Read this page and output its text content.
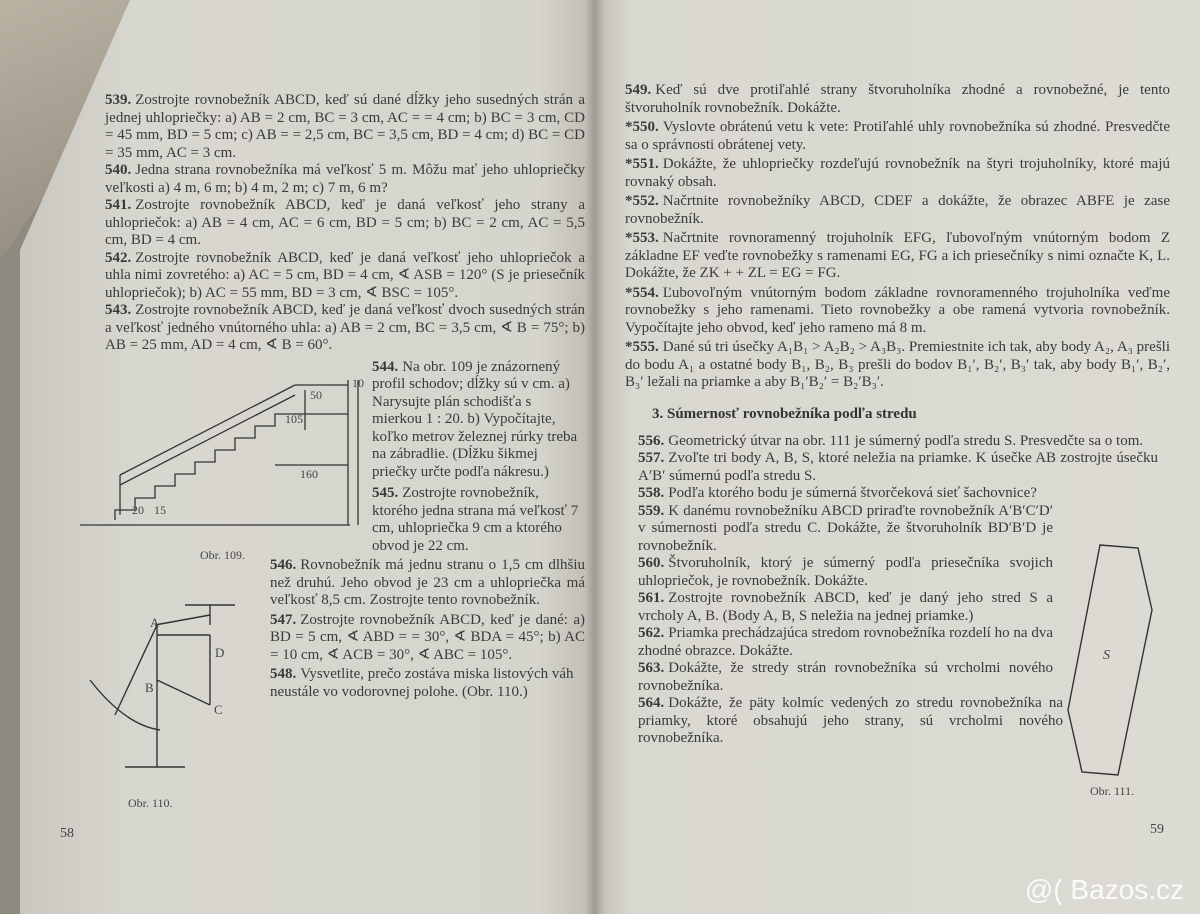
539. Zostrojte rovnobežník ABCD, keď sú dané dĺžky jeho susedných strán a jednej uhlopriečky: a) AB = 2 cm, BC = 3 cm, AC = = 4 cm; b) BC = 3 cm, CD = 45 mm, BD = 5 cm; c) AB = = 2,5 cm, BC = 3,5 cm, BD = 4 cm; d) BC = CD = 35 mm, AC = 3 cm.
540. Jedna strana rovnobežníka má veľkosť 5 m. Môžu mať jeho uhlopriečky veľkosti a) 4 m, 6 m; b) 4 m, 2 m; c) 7 m, 6 m?
541. Zostrojte rovnobežník ABCD, keď je daná veľkosť jeho strany a uhlopriečok: a) AB = 4 cm, AC = 6 cm, BD = 5 cm; b) BC = 2 cm, AC = 5,5 cm, BD = 4 cm.
542. Zostrojte rovnobežník ABCD, keď je daná veľkosť jeho uhlopriečok a uhla nimi zovretého: a) AC = 5 cm, BD = 4 cm, ∢ ASB = 120° (S je priesečník uhlopriečok); b) AC = 55 mm, BD = 3 cm, ∢ BSC = 105°.
543. Zostrojte rovnobežník ABCD, keď je daná veľkosť dvoch susedných strán a veľkosť jedného vnútorného uhla: a) AB = 2 cm, BC = 3,5 cm, ∢ B = 75°; b) AB = 25 mm, AD = 4 cm, ∢ B = 60°.
544. Na obr. 109 je znázornený profil schodov; dĺžky sú v cm. a) Narysujte plán schodišťa s mierkou 1 : 20. b) Vypočítajte, koľko metrov železnej rúrky treba na zábradlie. (Dĺžku šikmej priečky určte podľa nákresu.)
545. Zostrojte rovnobežník, ktorého jedna strana má veľkosť 7 cm, uhlopriečka 9 cm a ktorého obvod je 22 cm.
546. Rovnobežník má jednu stranu o 1,5 cm dlhšiu než druhú. Jeho obvod je 23 cm a uhlopriečka má veľkosť 8,5 cm. Zostrojte tento rovnobežník.
547. Zostrojte rovnobežník ABCD, keď je dané: a) BD = 5 cm, ∢ ABD = = 30°, ∢ BDA = 45°; b) AC = 10 cm, ∢ ACB = 30°, ∢ ABC = 105°.
548. Vysvetlite, prečo zostáva miska listových váh neustále vo vodorovnej polohe. (Obr. 110.)
50
10
105
160
20 15
Obr. 109.
A
B
C
D
Obr. 110.
58
549. Keď sú dve protiľahlé strany štvoruholníka zhodné a rovnobežné, je tento štvoruholník rovnobežník. Dokážte.
*550. Vyslovte obrátenú vetu k vete: Protiľahlé uhly rovnobežníka sú zhodné. Presvedčte sa o správnosti obrátenej vety.
*551. Dokážte, že uhlopriečky rozdeľujú rovnobežník na štyri trojuholníky, ktoré majú rovnaký obsah.
*552. Načrtnite rovnobežníky ABCD, CDEF a dokážte, že obrazec ABFE je zase rovnobežník.
*553. Načrtnite rovnoramenný trojuholník EFG, ľubovoľným vnútorným bodom Z základne EF veďte rovnobežky s ramenami EG, FG a ich priesečníky s nimi označte K, L. Dokážte, že ZK + + ZL = EG = FG.
*554. Ľubovoľným vnútorným bodom základne rovnoramenného trojuholníka veďme rovnobežky s jeho ramenami. Tieto rovnobežky a obe ramená vytvoria rovnobežník. Vypočítajte jeho obvod, keď jeho rameno má 8 m.
*555. Dané sú tri úsečky A₁B₁ > A₂B₂ > A₃B₃. Premiestnite ich tak, aby body A₂, A₃ prešli do bodu A₁ a ostatné body B₁, B₂, B₃ prešli do bodov B₁′, B₂′, B₃′ tak, aby body B₁′, B₂′, B₃′ ležali na priamke a aby B₁′B₂′ = B₂′B₃′.
3. Súmernosť rovnobežníka podľa stredu
556. Geometrický útvar na obr. 111 je súmerný podľa stredu S. Presvedčte sa o tom.
557. Zvoľte tri body A, B, S, ktoré neležia na priamke. K úsečke AB zostrojte úsečku A′B′ súmernú podľa stredu S.
558. Podľa ktorého bodu je súmerná štvorčeková sieť šachovnice?
559. K danému rovnobežníku ABCD priraďte rovnobežník A′B′C′D′ v súmernosti podľa stredu C. Dokážte, že štvoruholník BD′B′D je rovnobežník.
560. Štvoruholník, ktorý je súmerný podľa priesečníka svojich uhlopriečok, je rovnobežník. Dokážte.
561. Zostrojte rovnobežník ABCD, keď je daný jeho stred S a vrcholy A, B. (Body A, B, S neležia na jednej priamke.)
562. Priamka prechádzajúca stredom rovnobežníka rozdelí ho na dva zhodné obrazce. Dokážte.
563. Dokážte, že stredy strán rovnobežníka sú vrcholmi nového rovnobežníka.
564. Dokážte, že päty kolmíc vedených zo stredu rovnobežníka na priamky, ktoré obsahujú jeho strany, sú vrcholmi nového rovnobežníka.
S
Obr. 111.
59
@( Bazos.cz
